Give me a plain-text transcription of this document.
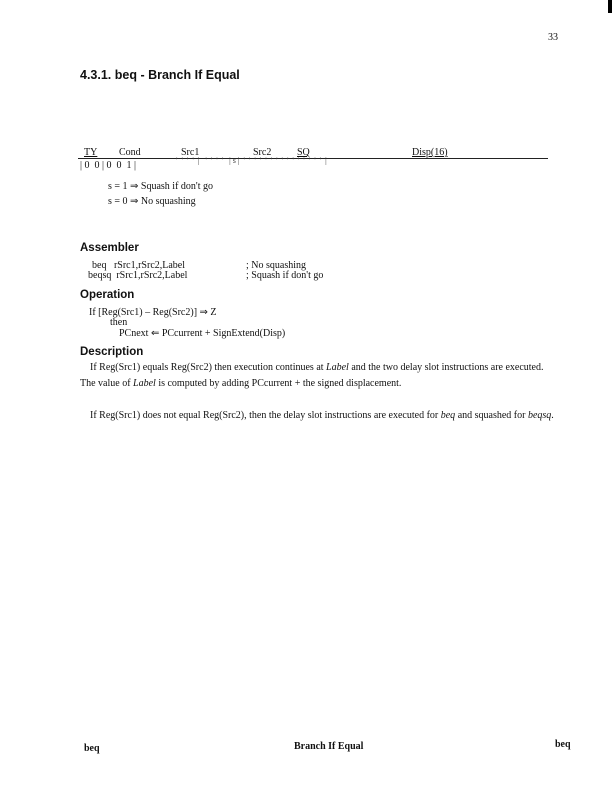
33
4.3.1. beq - Branch If Equal
TY Cond	Src1	Src2	SQ	Disp(16)
| 0  0 | 0  0  1 |	'  '  '  '  |   '  '  '  '   | s |  '  '  '  '  '  '  '  '  '  '  '  '  '  '  '  |
s = 1 ⇒ Squash if don't go
s = 0 ⇒ No squashing
Assembler
beq   rSrc1,rSrc2,Label	; No squashing
beqsq  rSrc1,rSrc2,Label	; Squash if don't go
Operation
If [Reg(Src1) – Reg(Src2)] ⇒ Z
then
PCnext ⇐ PCcurrent + SignExtend(Disp)
Description
If Reg(Src1) equals Reg(Src2) then execution continues at Label and the two delay slot instructions are executed.
The value of Label is computed by adding PCcurrent + the signed displacement.
If Reg(Src1) does not equal Reg(Src2), then the delay slot instructions are executed for beq and squashed for beqsq.
beq	Branch If Equal	beq
